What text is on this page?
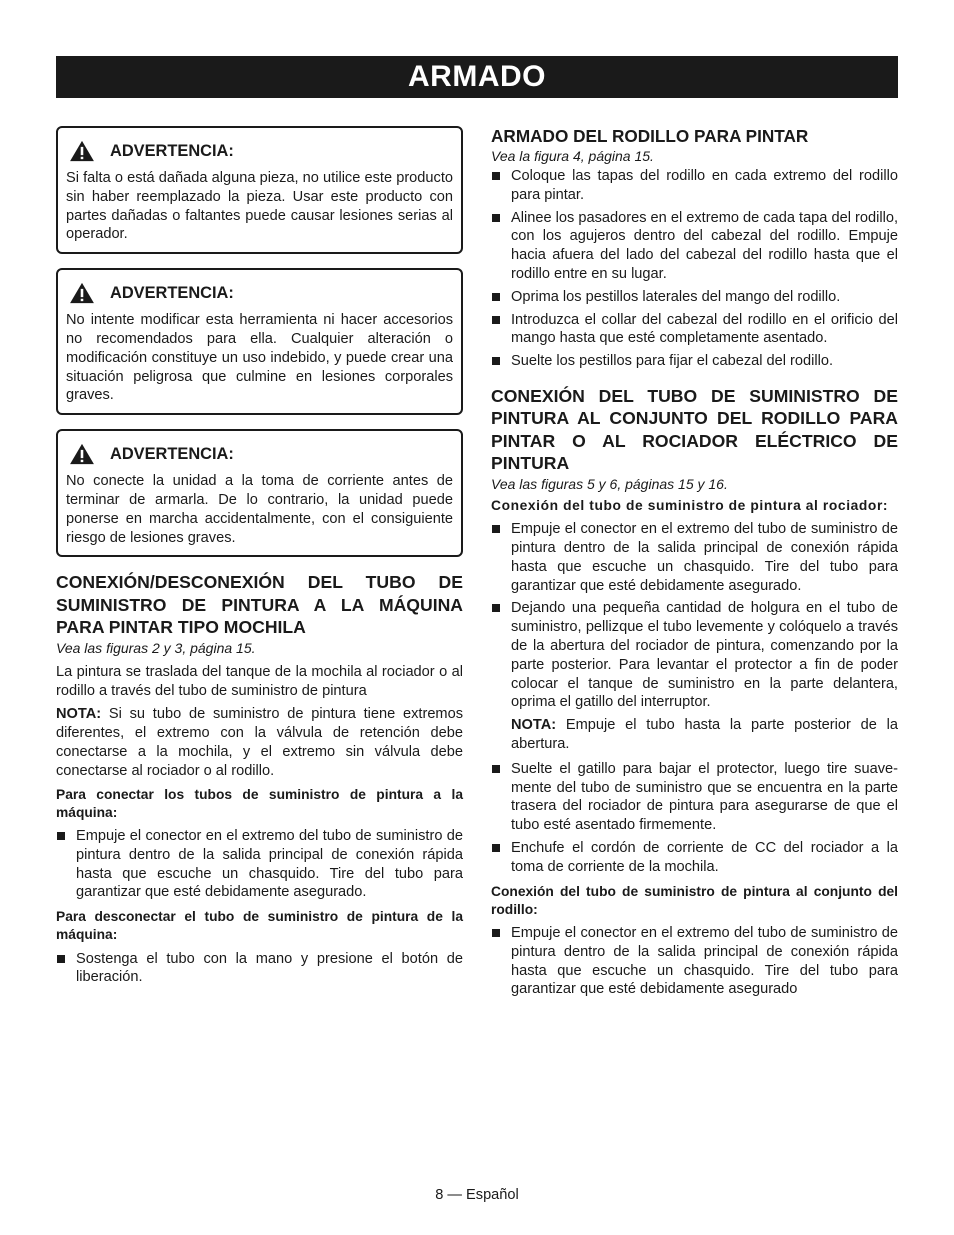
ARMADO
ADVERTENCIA:

Si falta o está dañada alguna pieza, no utilice este producto sin haber reemplazado la pieza. Usar este producto con partes dañadas o faltantes puede causar lesiones serias al operador.

ADVERTENCIA:

No intente modificar esta herramienta ni hacer accesorios no recomendados para ella. Cualquier alteración o modificación constituye un uso indebido, y puede crear una situación peligrosa que culmine en lesiones corporales graves.

ADVERTENCIA:

No conecte la unidad a la toma de corriente antes de terminar de armarla. De lo contrario, la unidad puede ponerse en marcha accidentalmente, con el consiguiente riesgo de lesiones graves.

CONEXIÓN/DESCONEXIÓN DEL TUBO DE SUMINISTRO DE PINTURA A LA MÁQUINA PARA PINTAR TIPO MOCHILA

Vea las figuras 2 y 3, página 15.

La pintura se traslada del tanque de la mochila al rociador o al rodillo a través del tubo de suministro de pintura

NOTA: Si su tubo de suministro de pintura tiene extremos diferentes, el extremo con la válvula de retención debe conectarse a la mochila, y el extremo sin válvula debe conectarse al rociador o al rodillo.

Para conectar los tubos de suministro de pintura a la máquina:

Empuje el conector en el extremo del tubo de suministro de pintura dentro de la salida principal de conexión rápida hasta que escuche un chasquido. Tire del tubo para garantizar que esté debidamente asegurado.

Para desconectar el tubo de suministro de pintura de la máquina:

Sostenga el tubo con la mano y presione el botón de liberación.
ARMADO DEL RODILLO PARA PINTAR

Vea la figura 4, página 15.

Coloque las tapas del rodillo en cada extremo del rodillo para pintar.
Alinee los pasadores en el extremo de cada tapa del rodillo, con los agujeros dentro del cabezal del rodillo. Empuje hacia afuera del lado del cabezal del rodillo hasta que el rodillo entre en su lugar.
Oprima los pestillos laterales del mango del rodillo.
Introduzca el collar del cabezal del rodillo en el orificio del mango hasta que esté completamente asentado.
Suelte los pestillos para fijar el cabezal del rodillo.
CONEXIÓN DEL TUBO DE SUMINISTRO DE PINTURA AL CONJUNTO DEL RODILLO PARA PINTAR O AL ROCIADOR ELÉCTRICO DE PINTURA

Vea las figuras 5 y 6, páginas 15 y 16.

Conexión del tubo de suministro de pintura al rociador:

Empuje el conector en el extremo del tubo de suministro de pintura dentro de la salida principal de conexión rápida hasta que escuche un chasquido. Tire del tubo para garantizar que esté debidamente asegurado.
Dejando una pequeña cantidad de holgura en el tubo de suministro, pellizque el tubo levemente y colóquelo a través de la abertura del rociador de pintura, comenzando por la parte posterior. Para levantar el protector a fin de poder colocar el tanque de suministro en la parte delantera, oprima el gatillo del interruptor.

NOTA: Empuje el tubo hasta la parte posterior de la abertura.

Suelte el gatillo para bajar el protector, luego tire suave- mente del tubo de suministro que se encuentra en la parte trasera del rociador de pintura para asegurarse de que el tubo esté asentado firmemente.
Enchufe el cordón de corriente de CC del rociador a la toma de corriente de la mochila.

Conexión del tubo de suministro de pintura al conjunto del rodillo:

Empuje el conector en el extremo del tubo de suministro de pintura dentro de la salida principal de conexión rápida hasta que escuche un chasquido. Tire del tubo para garantizar que esté debidamente asegurado
8 — Español
